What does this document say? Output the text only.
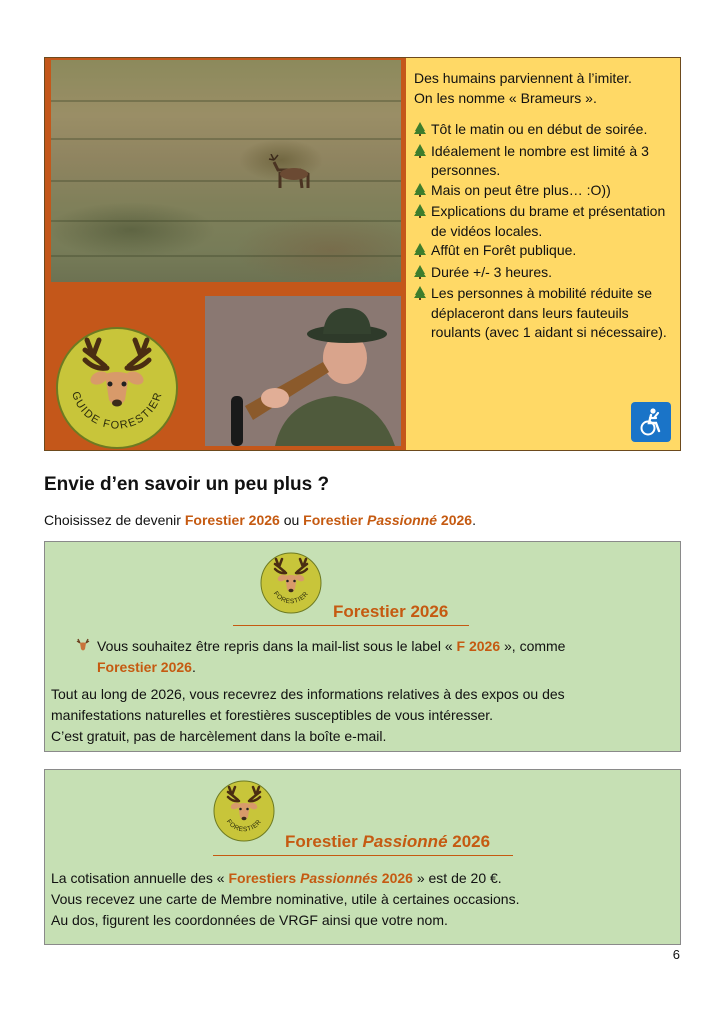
GUIDE FORESTIER

Des humains parviennent à l’imiter.

On les nomme « Brameurs ».

Tôt le matin ou en début de soirée.
Idéalement le nombre est limité à 3 personnes.
Mais on peut être plus… :O))
Explications du brame et présentation de vidéos locales.
Affût en Forêt publique.
Durée +/- 3 heures.
Les personnes à mobilité réduite se déplaceront dans leurs fauteuils roulants (avec 1 aidant si nécessaire).
Envie d’en savoir un peu plus ?

Choisissez de devenir Forestier 2026 ou Forestier Passionné 2026.

FORESTIER
Forestier 2026
Vous souhaitez être repris dans la mail-list sous le label « F 2026 », comme
Forestier 2026.
Tout au long de 2026, vous recevrez des informations relatives à des expos ou des
manifestations naturelles et forestières susceptibles de vous intéresser.
C’est gratuit, pas de harcèlement dans la boîte e-mail.
FORESTIER
Forestier Passionné 2026
La cotisation annuelle des « Forestiers Passionnés 2026 » est de 20 €.
Vous recevez une carte de Membre nominative, utile à certaines occasions.
Au dos, figurent les coordonnées de VRGF ainsi que votre nom.
6
